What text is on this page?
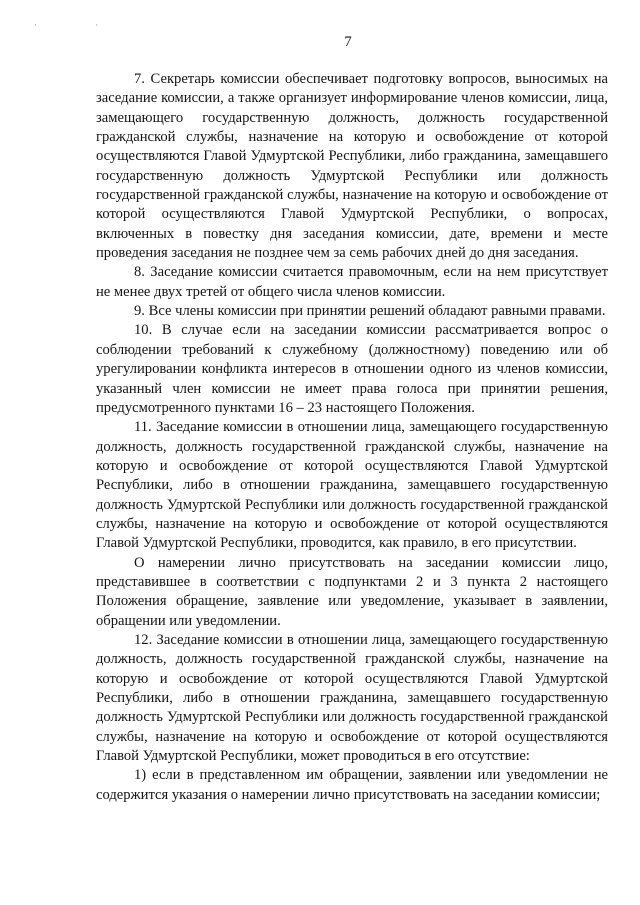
· ·
7

7. Секретарь комиссии обеспечивает подготовку вопросов, выносимых на заседание комиссии, а также организует информирование членов комиссии, лица, замещающего государственную должность, должность государственной гражданской службы, назначение на которую и освобождение от которой осуществляются Главой Удмуртской Республики, либо гражданина, замещавшего государственную должность Удмуртской Республики или должность государственной гражданской службы, назначение на которую и освобождение от которой осуществляются Главой Удмуртской Республики, о вопросах, включенных в повестку дня заседания комиссии, дате, времени и месте проведения заседания не позднее чем за семь рабочих дней до дня заседания.

8. Заседание комиссии считается правомочным, если на нем присутствует не менее двух третей от общего числа членов комиссии.

9. Все члены комиссии при принятии решений обладают равными правами.

10. В случае если на заседании комиссии рассматривается вопрос о соблюдении требований к служебному (должностному) поведению или об урегулировании конфликта интересов в отношении одного из членов комиссии, указанный член комиссии не имеет права голоса при принятии решения, предусмотренного пунктами 16 – 23 настоящего Положения.

11. Заседание комиссии в отношении лица, замещающего государственную должность, должность государственной гражданской службы, назначение на которую и освобождение от которой осуществляются Главой Удмуртской Республики, либо в отношении гражданина, замещавшего государственную должность Удмуртской Республики или должность государственной гражданской службы, назначение на которую и освобождение от которой осуществляются Главой Удмуртской Республики, проводится, как правило, в его присутствии.

О намерении лично присутствовать на заседании комиссии лицо, представившее в соответствии с подпунктами 2 и 3 пункта 2 настоящего Положения обращение, заявление или уведомление, указывает в заявлении, обращении или уведомлении.

12. Заседание комиссии в отношении лица, замещающего государственную должность, должность государственной гражданской службы, назначение на которую и освобождение от которой осуществляются Главой Удмуртской Республики, либо в отношении гражданина, замещавшего государственную должность Удмуртской Республики или должность государственной гражданской службы, назначение на которую и освобождение от которой осуществляются Главой Удмуртской Республики, может проводиться в его отсутствие:

1) если в представленном им обращении, заявлении или уведомлении не содержится указания о намерении лично присутствовать на заседании комиссии;
